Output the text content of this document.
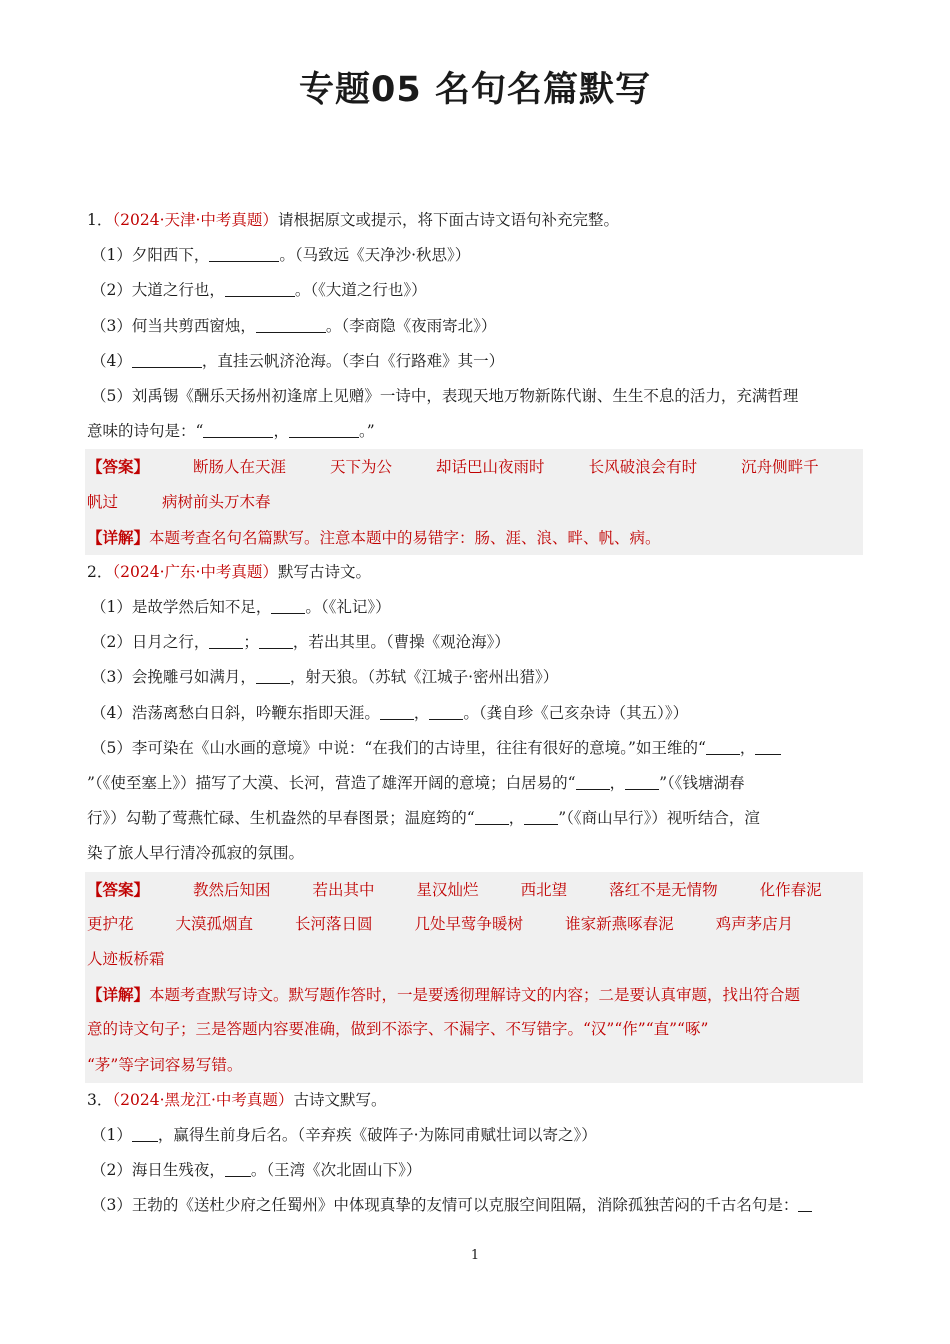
专题05 名句名篇默写
1．（2024·天津·中考真题）请根据原文或提示，将下面古诗文语句补充完整。
（1）夕阳西下，	。（马致远《天净沙·秋思》）
（2）大道之行也，	。（《大道之行也》）
（3）何当共剪西窗烛，	。（李商隐《夜雨寄北》）
（4）	，直挂云帆济沧海。（李白《行路难》其一）
（5）刘禹锡《酬乐天扬州初逢席上见赠》一诗中，表现天地万物新陈代谢、生生不息的活力，充满哲理
意味的诗句是：“	，	。”
【答案】	断肠人在天涯	天下为公	却话巴山夜雨时	长风破浪会有时	沉舟侧畔千
帆过	病树前头万木春
【详解】本题考查名句名篇默写。注意本题中的易错字：肠、涯、浪、畔、帆、病。
2．（2024·广东·中考真题）默写古诗文。
（1）是故学然后知不足， 。（《礼记》）
（2）日月之行， ； ，若出其里。（曹操《观沧海》）
（3）会挽雕弓如满月， ，射天狼。（苏轼《江城子·密州出猎》）
（4）浩荡离愁白日斜，吟鞭东指即天涯。 ， 。（龚自珍《己亥杂诗（其五）》）
（5）李可染在《山水画的意境》中说：“在我们的古诗里，往往有很好的意境。”如王维的“ ，
”（《使至塞上》）描写了大漠、长河，营造了雄浑开阔的意境；白居易的“ ， ”（《钱塘湖春
行》）勾勒了莺燕忙碌、生机盎然的早春图景；温庭筠的“ ， ”（《商山早行》）视听结合，渲
染了旅人早行清冷孤寂的氛围。
【答案】	教然后知困	若出其中	星汉灿烂	西北望	落红不是无情物	化作春泥
更护花	大漠孤烟直	长河落日圆	几处早莺争暖树	谁家新燕啄春泥	鸡声茅店月
人迹板桥霜
【详解】本题考查默写诗文。默写题作答时，一是要透彻理解诗文的内容；二是要认真审题，找出符合题
意的诗文句子；三是答题内容要准确，做到不添字、不漏字、不写错字。“汉”“作”“直”“啄”
“茅”等字词容易写错。
3．（2024·黑龙江·中考真题）古诗文默写。
（1） ，赢得生前身后名。（辛弃疾《破阵子·为陈同甫赋壮词以寄之》）
（2）海日生残夜， 。（王湾《次北固山下》）
（3）王勃的《送杜少府之任蜀州》中体现真挚的友情可以克服空间阻隔，消除孤独苦闷的千古名句是：
1
